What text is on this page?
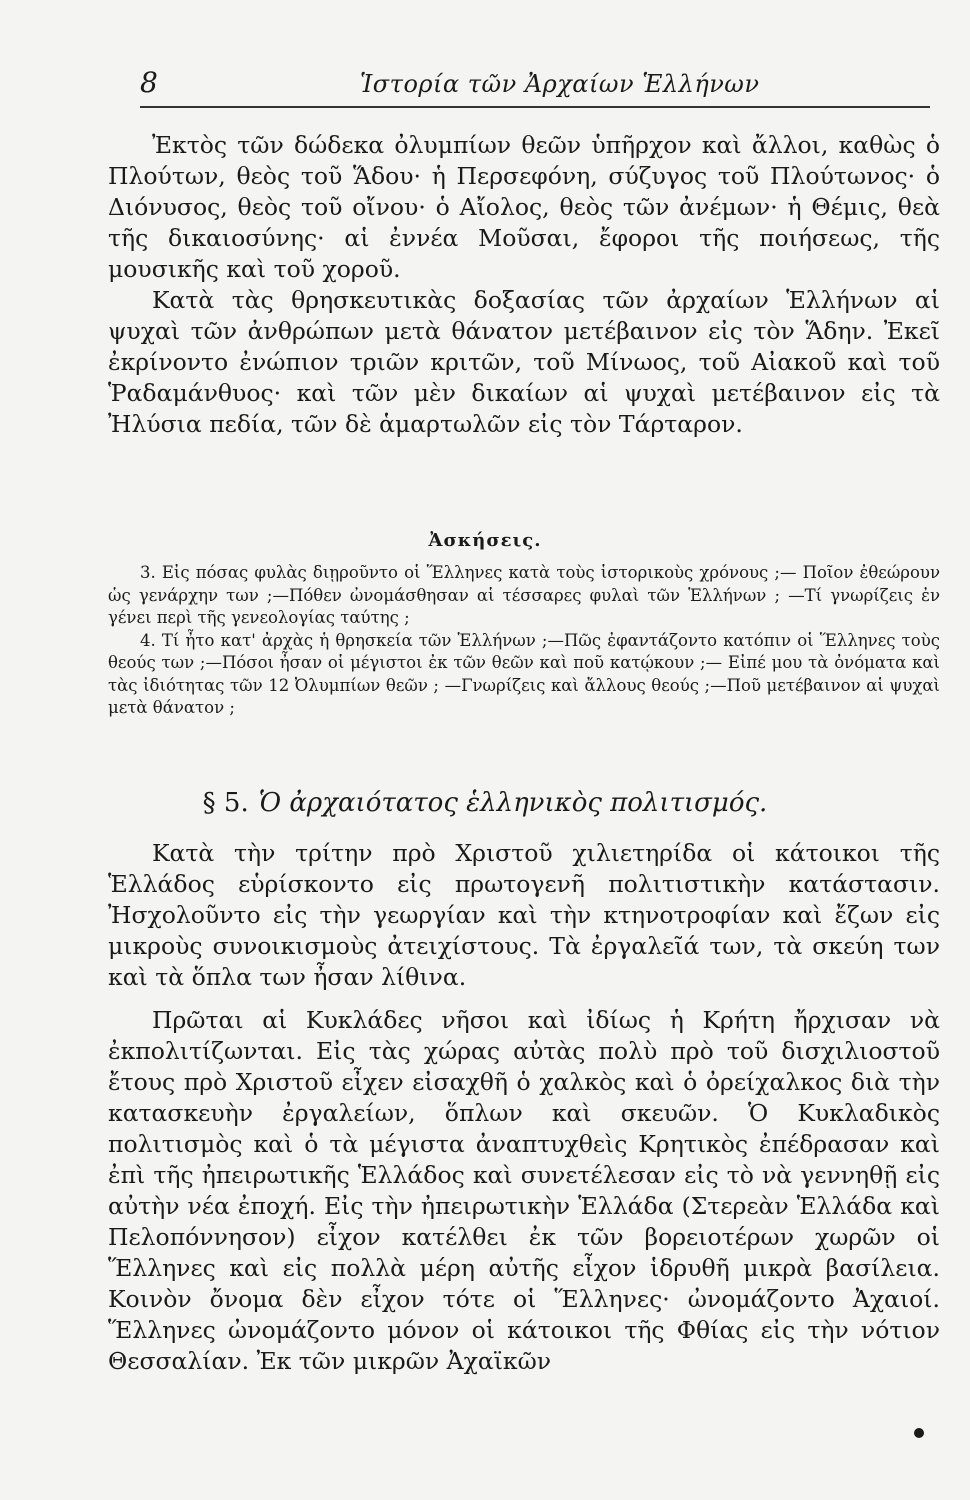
8	Ἱστορία τῶν Ἀρχαίων Ἑλλήνων

Ἐκτὸς τῶν δώδεκα ὀλυμπίων θεῶν ὑπῆρχον καὶ ἄλλοι, καθὼς ὁ Πλούτων, θεὸς τοῦ Ἅδου· ἡ Περσεφόνη, σύζυγος τοῦ Πλούτωνος· ὁ Διόνυσος, θεὸς τοῦ οἴνου· ὁ Αἴολος, θεὸς τῶν ἀνέμων· ἡ Θέμις, θεὰ τῆς δικαιοσύνης· αἱ ἐννέα Μοῦσαι, ἔφοροι τῆς ποιήσεως, τῆς μουσικῆς καὶ τοῦ χοροῦ.

Κατὰ τὰς θρησκευτικὰς δοξασίας τῶν ἀρχαίων Ἑλλήνων αἱ ψυχαὶ τῶν ἀνθρώπων μετὰ θάνατον μετέβαινον εἰς τὸν Ἅδην. Ἐκεῖ ἐκρίνοντο ἐνώπιον τριῶν κριτῶν, τοῦ Μίνωος, τοῦ Αἰακοῦ καὶ τοῦ Ῥαδαμάνθυος· καὶ τῶν μὲν δικαίων αἱ ψυχαὶ μετέβαινον εἰς τὰ Ἠλύσια πεδία, τῶν δὲ ἁμαρτωλῶν εἰς τὸν Τάρταρον.

Ἀσκήσεις.

3. Εἰς πόσας φυλὰς διῃροῦντο οἱ Ἕλληνες κατὰ τοὺς ἱστορικοὺς χρόνους ;— Ποῖον ἐθεώρουν ὡς γενάρχην των ;—Πόθεν ὠνομάσθησαν αἱ τέσσαρες φυλαὶ τῶν Ἑλλήνων ; —Τί γνωρίζεις ἐν γένει περὶ τῆς γενεολογίας ταύτης ;

4. Τί ἦτο κατ' ἀρχὰς ἡ θρησκεία τῶν Ἑλλήνων ;—Πῶς ἐφαντάζοντο κατόπιν οἱ Ἕλληνες τοὺς θεούς των ;—Πόσοι ἦσαν οἱ μέγιστοι ἐκ τῶν θεῶν καὶ ποῦ κατῴκουν ;— Εἰπέ μου τὰ ὀνόματα καὶ τὰς ἰδιότητας τῶν 12 Ὀλυμπίων θεῶν ; —Γνωρίζεις καὶ ἄλλους θεούς ;—Ποῦ μετέβαινον αἱ ψυχαὶ μετὰ θάνατον ;

§ 5. Ὁ ἀρχαιότατος ἑλληνικὸς πολιτισμός.

Κατὰ τὴν τρίτην πρὸ Χριστοῦ χιλιετηρίδα οἱ κάτοικοι τῆς Ἑλλάδος εὑρίσκοντο εἰς πρωτογενῆ πολιτιστικὴν κατάστασιν. Ἠσχολοῦντο εἰς τὴν γεωργίαν καὶ τὴν κτηνοτροφίαν καὶ ἔζων εἰς μικροὺς συνοικισμοὺς ἀτειχίστους. Τὰ ἐργαλεῖά των, τὰ σκεύη των καὶ τὰ ὅπλα των ἦσαν λίθινα.

Πρῶται αἱ Κυκλάδες νῆσοι καὶ ἰδίως ἡ Κρήτη ἤρχισαν νὰ ἐκπολιτίζωνται. Εἰς τὰς χώρας αὐτὰς πολὺ πρὸ τοῦ δισχιλιοστοῦ ἔτους πρὸ Χριστοῦ εἶχεν εἰσαχθῆ ὁ χαλκὸς καὶ ὁ ὀρείχαλκος διὰ τὴν κατασκευὴν ἐργαλείων, ὅπλων καὶ σκευῶν. Ὁ Κυκλαδικὸς πολιτισμὸς καὶ ὁ τὰ μέγιστα ἀναπτυχθεὶς Κρητικὸς ἐπέδρασαν καὶ ἐπὶ τῆς ἠπειρωτικῆς Ἑλλάδος καὶ συνετέλεσαν εἰς τὸ νὰ γεννηθῇ εἰς αὐτὴν νέα ἐποχή. Εἰς τὴν ἠπειρωτικὴν Ἑλλάδα (Στερεὰν Ἑλλάδα καὶ Πελοπόννησον) εἶχον κατέλθει ἐκ τῶν βορειοτέρων χωρῶν οἱ Ἕλληνες καὶ εἰς πολλὰ μέρη αὐτῆς εἶχον ἱδρυθῆ μικρὰ βασίλεια. Κοινὸν ὄνομα δὲν εἶχον τότε οἱ Ἕλληνες· ὠνομάζοντο Ἀχαιοί. Ἕλληνες ὠνομάζοντο μόνον οἱ κάτοικοι τῆς Φθίας εἰς τὴν νότιον Θεσσαλίαν. Ἐκ τῶν μικρῶν Ἀχαϊκῶν
